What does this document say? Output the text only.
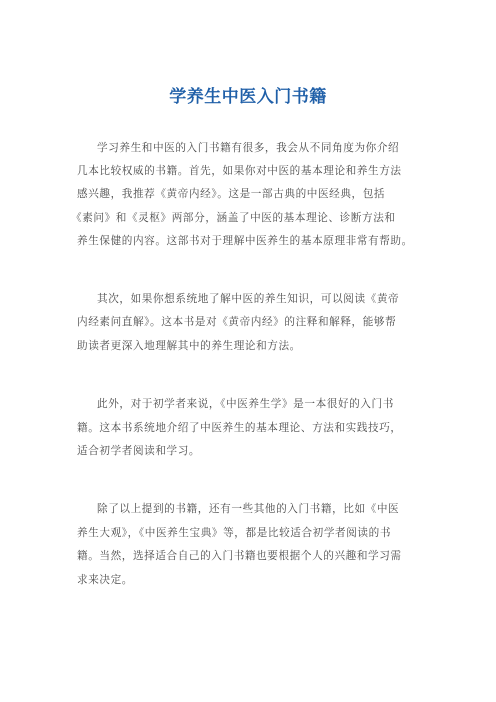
学养生中医入门书籍
学习养生和中医的入门书籍有很多，我会从不同角度为你介绍
几本比较权威的书籍。首先，如果你对中医的基本理论和养生方法
感兴趣，我推荐《黄帝内经》。这是一部古典的中医经典，包括
《素问》和《灵枢》两部分，涵盖了中医的基本理论、诊断方法和
养生保健的内容。这部书对于理解中医养生的基本原理非常有帮助。
其次，如果你想系统地了解中医的养生知识，可以阅读《黄帝
内经素问直解》。这本书是对《黄帝内经》的注释和解释，能够帮
助读者更深入地理解其中的养生理论和方法。
此外，对于初学者来说，《中医养生学》是一本很好的入门书
籍。这本书系统地介绍了中医养生的基本理论、方法和实践技巧，
适合初学者阅读和学习。
除了以上提到的书籍，还有一些其他的入门书籍，比如《中医
养生大观》，《中医养生宝典》等，都是比较适合初学者阅读的书
籍。当然，选择适合自己的入门书籍也要根据个人的兴趣和学习需
求来决定。
